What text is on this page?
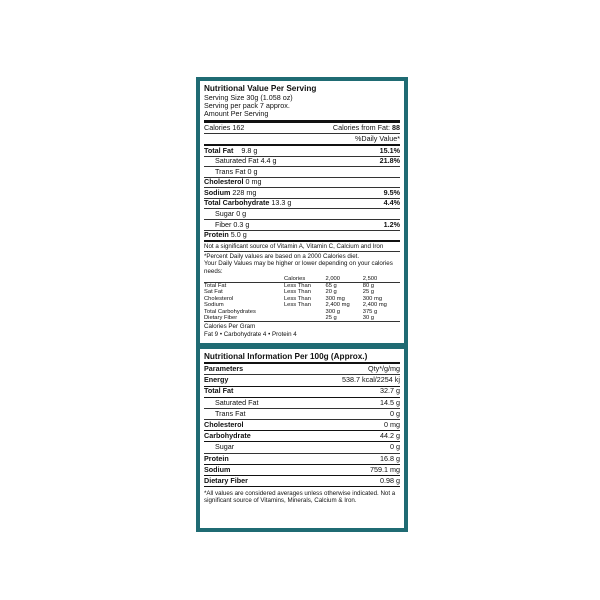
Nutritional Value Per Serving
Serving Size 30g (1.058 oz)
Serving per pack 7 approx.
Amount Per Serving
Calories 162	Calories from Fat: 88
%Daily Value*
Total Fat 9.8 g	15.1%
Saturated Fat 4.4 g	21.8%
Trans Fat 0 g
Cholesterol 0 mg
Sodium 228 mg	9.5%
Total Carbohydrate 13.3 g	4.4%
Sugar 0 g
Fiber 0.3 g	1.2%
Protein 5.0 g
Not a significant source of Vitamin A, Vitamin C, Calcium and Iron
*Percent Daily values are based on a 2000 Calories diet.
Your Daily Values may be higher or lower depending on your calories needs:
	Calories	2,000	2,500
Total Fat	Less Than	65 g	80 g
Sat Fat	Less Than	20 g	25 g
Cholesterol	Less Than	300 mg	300 mg
Sodium	Less Than	2,400 mg	2,400 mg
Total Carbohydrates		300 g	375 g
Dietary Fiber		25 g	30 g
Calories Per Gram
Fat 9 • Carbohydrate 4 • Protein 4
Nutritional Information Per 100g (Approx.)
Parameters	Qty*/g/mg
Energy	538.7 kcal/2254 kj
Total Fat	32.7 g
Saturated Fat	14.5 g
Trans Fat	0 g
Cholesterol	0 mg
Carbohydrate	44.2 g
Sugar	0 g
Protein	16.8 g
Sodium	759.1 mg
Dietary Fiber	0.98 g
*All values are considered averages unless otherwise indicated. Not a significant source of Vitamins, Minerals, Calcium & Iron.
